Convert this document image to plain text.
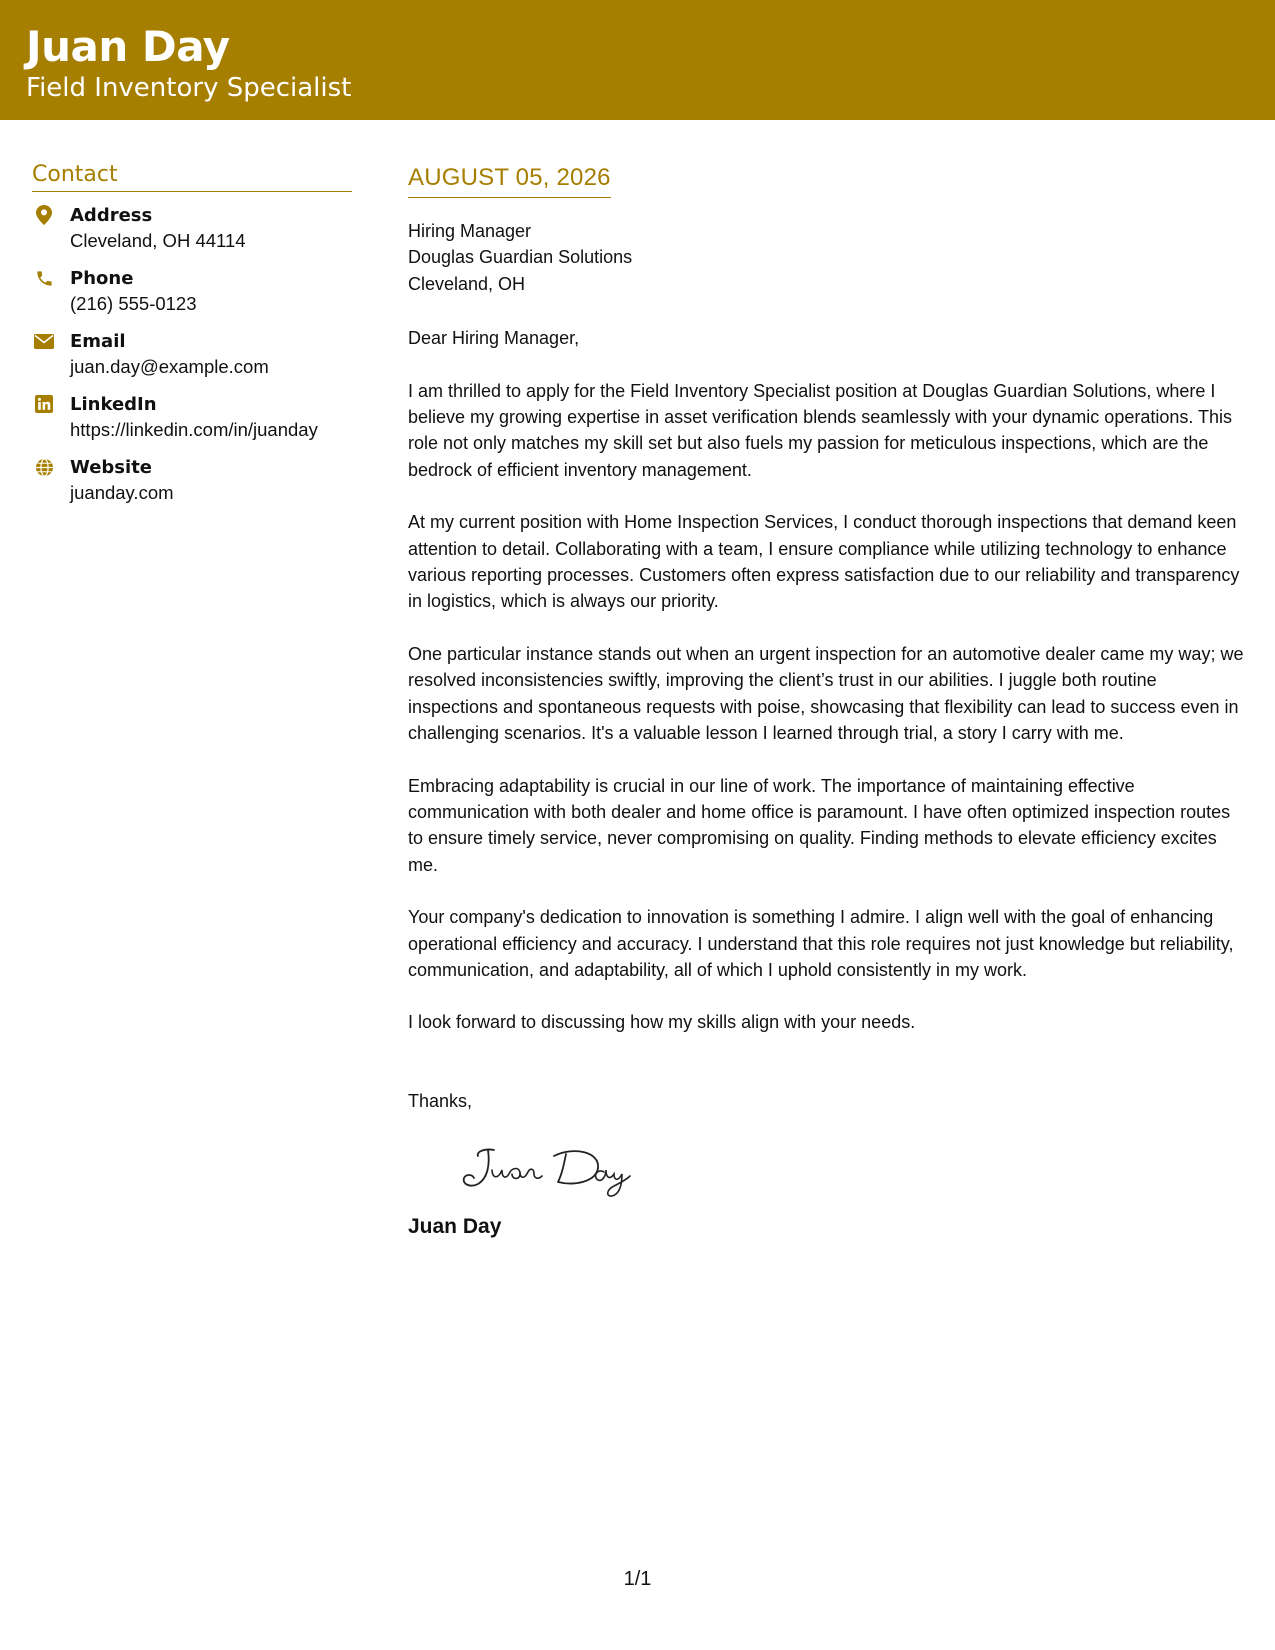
Juan Day
Field Inventory Specialist
Contact
Address
Cleveland, OH 44114
Phone
(216) 555-0123
Email
juan.day@example.com
LinkedIn
https://linkedin.com/in/juanday
Website
juanday.com
AUGUST 05, 2026
Hiring Manager
Douglas Guardian Solutions
Cleveland, OH
Dear Hiring Manager,

I am thrilled to apply for the Field Inventory Specialist position at Douglas Guardian Solutions, where I believe my growing expertise in asset verification blends seamlessly with your dynamic operations. This role not only matches my skill set but also fuels my passion for meticulous inspections, which are the bedrock of efficient inventory management.

At my current position with Home Inspection Services, I conduct thorough inspections that demand keen attention to detail. Collaborating with a team, I ensure compliance while utilizing technology to enhance various reporting processes. Customers often express satisfaction due to our reliability and transparency in logistics, which is always our priority.

One particular instance stands out when an urgent inspection for an automotive dealer came my way; we resolved inconsistencies swiftly, improving the client’s trust in our abilities. I juggle both routine inspections and spontaneous requests with poise, showcasing that flexibility can lead to success even in challenging scenarios. It's a valuable lesson I learned through trial, a story I carry with me.

Embracing adaptability is crucial in our line of work. The importance of maintaining effective communication with both dealer and home office is paramount. I have often optimized inspection routes to ensure timely service, never compromising on quality. Finding methods to elevate efficiency excites me.

Your company's dedication to innovation is something I admire. I align well with the goal of enhancing operational efficiency and accuracy. I understand that this role requires not just knowledge but reliability, communication, and adaptability, all of which I uphold consistently in my work.

I look forward to discussing how my skills align with your needs.

Thanks,
Juan Day
1/1
